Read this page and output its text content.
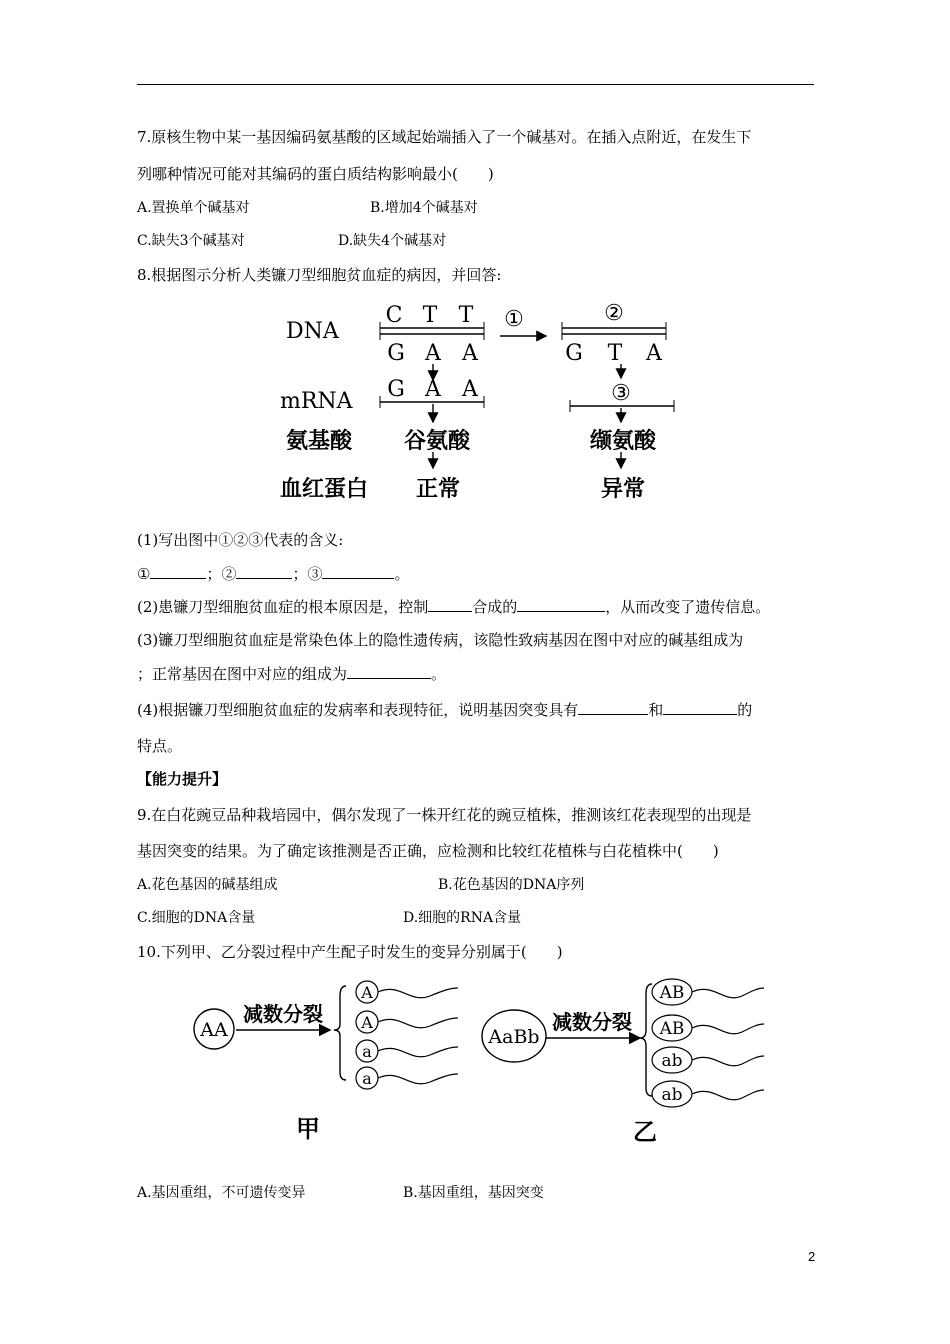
7.原核生物中某一基因编码氨基酸的区域起始端插入了一个碱基对。在插入点附近，在发生下
列哪种情况可能对其编码的蛋白质结构影响最小(　　)
A.置换单个碱基对	B.增加4个碱基对
C.缺失3个碱基对	D.缺失4个碱基对
8.根据图示分析人类镰刀型细胞贫血症的病因，并回答:
DNA
mRNA
氨基酸
血红蛋白
C T T
G A A
G A A
谷氨酸
正常
①	②
G T A
③
缬氨酸
异常
(1)写出图中①②③代表的含义:
①	；②	；③	。
(2)患镰刀型细胞贫血症的根本原因是，控制	合成的	，从而改变了遗传信息。
(3)镰刀型细胞贫血症是常染色体上的隐性遗传病，该隐性致病基因在图中对应的碱基组成为
；正常基因在图中对应的组成为	。
(4)根据镰刀型细胞贫血症的发病率和表现特征，说明基因突变具有	和	的
特点。
【能力提升】
9.在白花豌豆品种栽培园中，偶尔发现了一株开红花的豌豆植株，推测该红花表现型的出现是
基因突变的结果。为了确定该推测是否正确，应检测和比较红花植株与白花植株中(　　)
A.花色基因的碱基组成	B.花色基因的DNA序列
C.细胞的DNA含量	D.细胞的RNA含量
10.下列甲、乙分裂过程中产生配子时发生的变异分别属于(　　)
AA
减数分裂
A
A
a
a
甲
AaBb
减数分裂
AB
AB
ab
ab
乙
A.基因重组，不可遗传变异	B.基因重组，基因突变
2
